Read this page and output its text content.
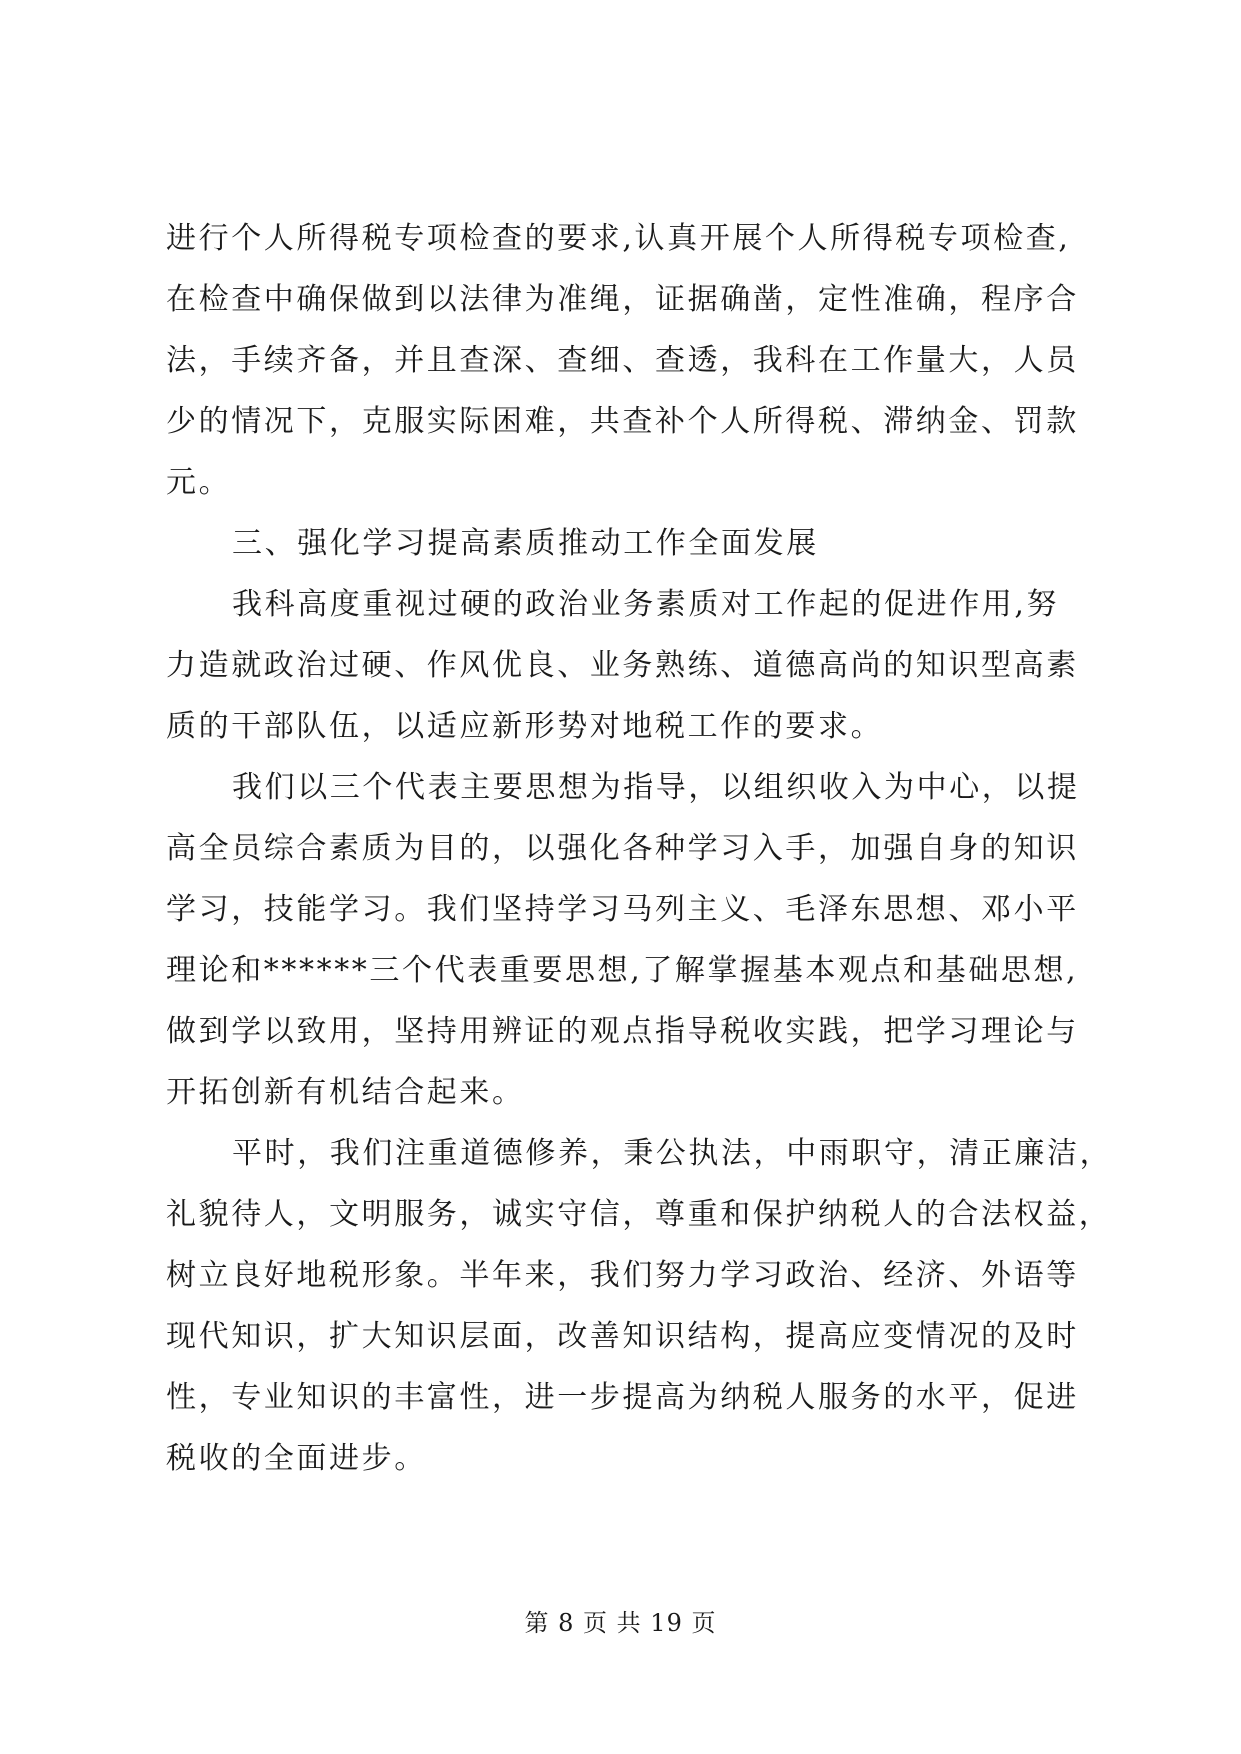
进行个人所得税专项检查的要求,认真开展个人所得税专项检查,
在检查中确保做到以法律为准绳，证据确凿，定性准确，程序合
法，手续齐备，并且查深、查细、查透，我科在工作量大，人员
少的情况下，克服实际困难，共查补个人所得税、滞纳金、罚款
元。
三、强化学习提高素质推动工作全面发展
我科高度重视过硬的政治业务素质对工作起的促进作用,努
力造就政治过硬、作风优良、业务熟练、道德高尚的知识型高素
质的干部队伍，以适应新形势对地税工作的要求。
我们以三个代表主要思想为指导，以组织收入为中心，以提
高全员综合素质为目的，以强化各种学习入手，加强自身的知识
学习，技能学习。我们坚持学习马列主义、毛泽东思想、邓小平
理论和******三个代表重要思想,了解掌握基本观点和基础思想,
做到学以致用，坚持用辨证的观点指导税收实践，把学习理论与
开拓创新有机结合起来。
平时，我们注重道德修养，秉公执法，中雨职守，清正廉洁，
礼貌待人，文明服务，诚实守信，尊重和保护纳税人的合法权益，
树立良好地税形象。半年来，我们努力学习政治、经济、外语等
现代知识，扩大知识层面，改善知识结构，提高应变情况的及时
性，专业知识的丰富性，进一步提高为纳税人服务的水平，促进
税收的全面进步。
第 8 页 共 19 页
